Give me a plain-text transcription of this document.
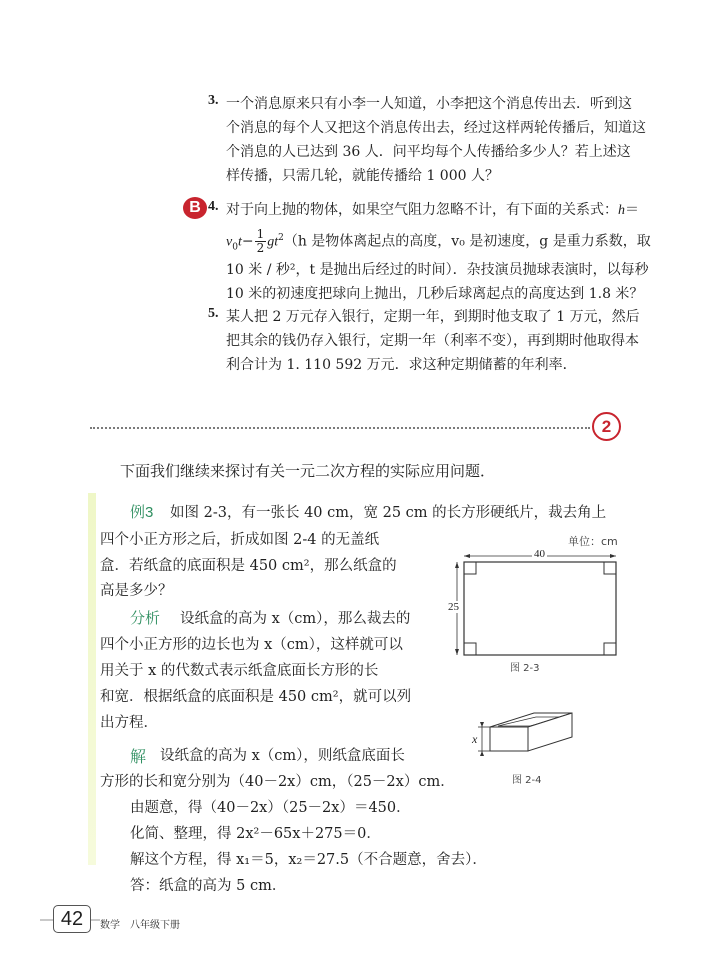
3. 一个消息原来只有小李一人知道，小李把这个消息传出去．听到这
个消息的每个人又把这个消息传出去，经过这样两轮传播后，知道这
个消息的人已达到 36 人．问平均每个人传播给多少人？若上述这
样传播，只需几轮，就能传播给 1 000 人？
B 4. 对于向上抛的物体，如果空气阻力忽略不计，有下面的关系式：h＝
$v_0t- \frac{1}{2} gt^2(h$ 是物体离起点的高度，v₀ 是初速度，g 是重力系数，取
10 米 / 秒²，t 是抛出后经过的时间）．杂技演员抛球表演时，以每秒
10 米的初速度把球向上抛出，几秒后球离起点的高度达到 1.8 米？
5. 某人把 2 万元存入银行，定期一年，到期时他支取了 1 万元，然后
把其余的钱仍存入银行，定期一年（利率不变），再到期时他取得本
利合计为 1. 110 592 万元．求这种定期储蓄的年利率．
2
下面我们继续来探讨有关一元二次方程的实际应用问题．
例3 如图 2-3，有一张长 40 cm，宽 25 cm 的长方形硬纸片，裁去角上
四个小正方形之后，折成如图 2-4 的无盖纸
盒．若纸盒的底面积是 450 cm²，那么纸盒的
高是多少？
分析 设纸盒的高为 x（cm），那么裁去的
四个小正方形的边长也为 x（cm），这样就可以
用关于 x 的代数式表示纸盒底面长方形的长
和宽．根据纸盒的底面积是 450 cm²，就可以列
出方程．
解 设纸盒的高为 x（cm），则纸盒底面长
方形的长和宽分别为（40－2x）cm，（25－2x）cm．
由题意，得（40－2x）（25－2x）＝450．
化简、整理，得 2x²－65x＋275＝0．
解这个方程，得 x₁＝5，x₂＝27.5（不合题意，舍去）．
答：纸盒的高为 5 cm．
单位：cm
40
25
图 2-3
x
图 2-4
42	数学　八年级下册
